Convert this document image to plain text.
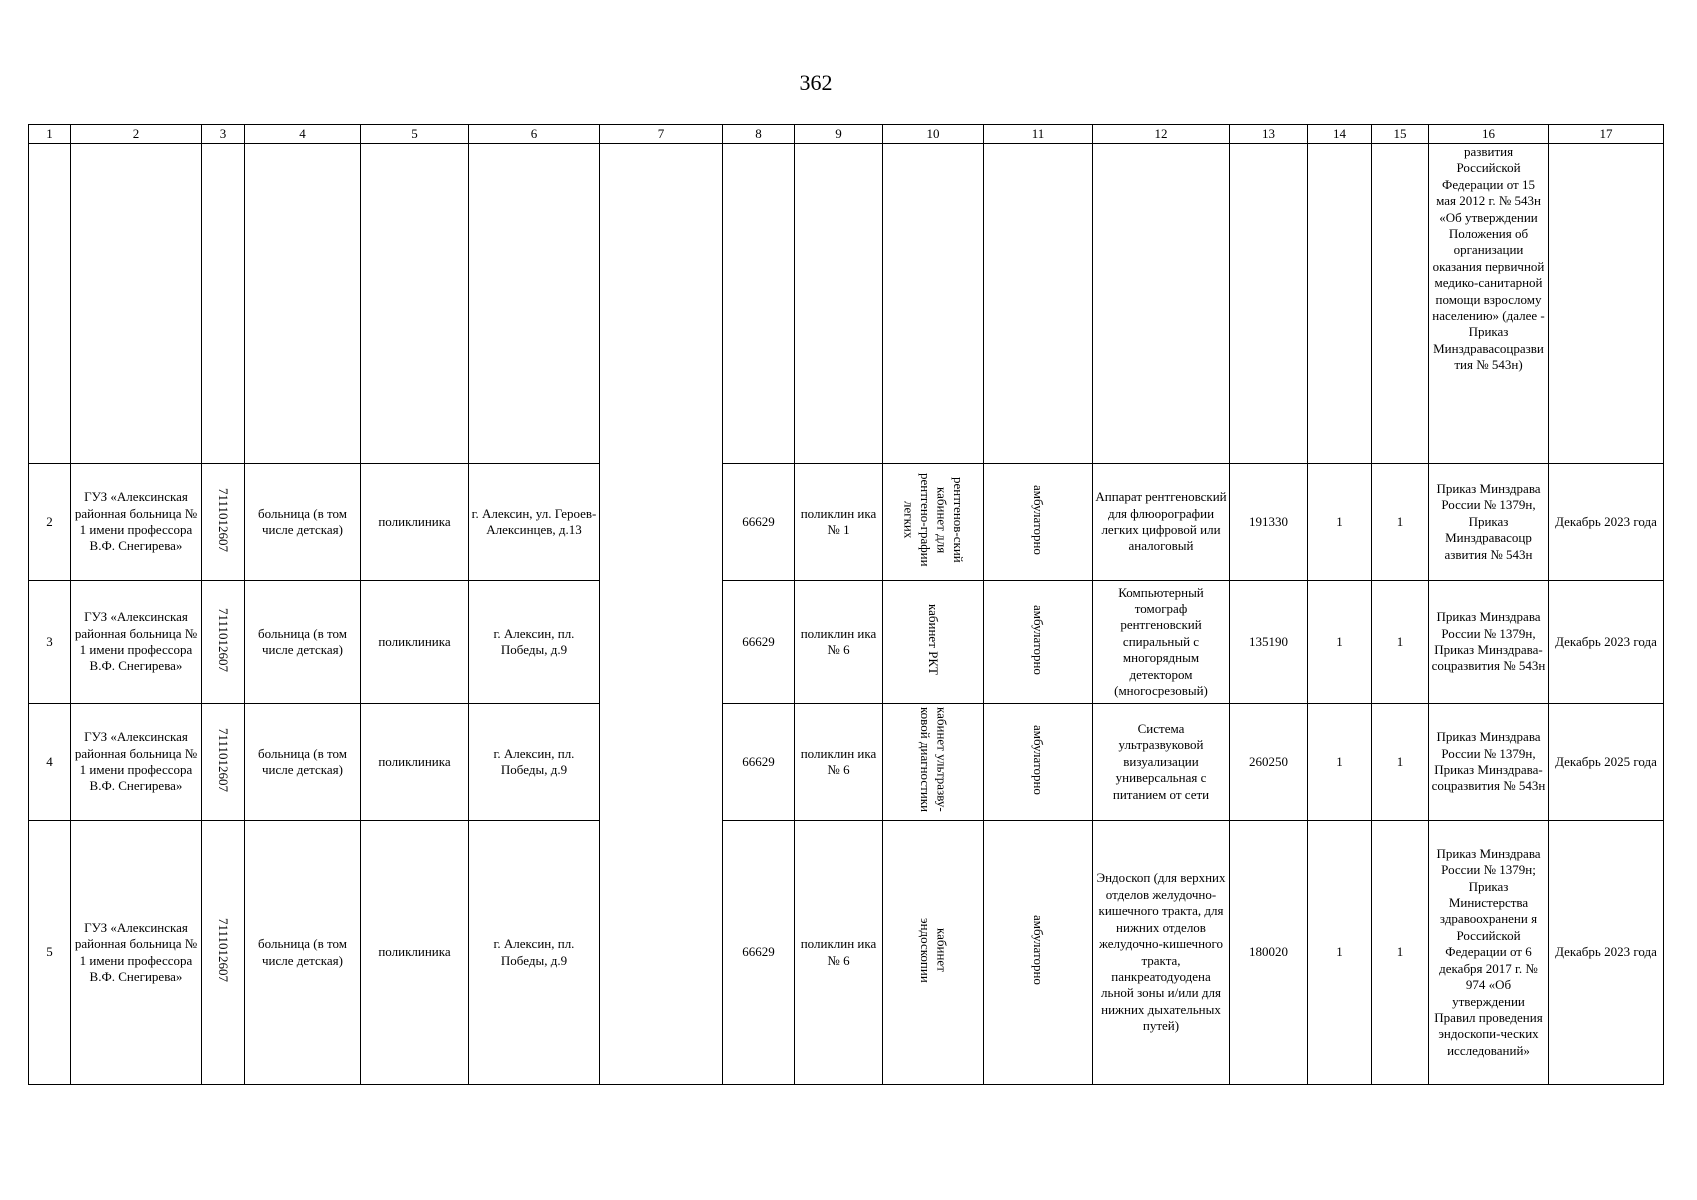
362
1	2	3	4	5	6	7	8	9	10	11	12	13	14	15	16	17
															развития Российской Федерации от 15 мая 2012 г. № 543н «Об утверждении Положения об организации оказания первичной медико-санитарной помощи взрослому населению» (далее - Приказ Минздравасоцразвития № 543н)	
2	ГУЗ «Алексинская районная больница № 1 имени профессора В.Ф. Снегирева»	7111012607	больница (в том числе детская)	поликлиника	г. Алексин, ул. Героев-Алексинцев, д.13		66629	поликлин ика № 1	рентгенов-ский кабинет для рентгено-графии легких	амбулаторно	Аппарат рентгеновский для флюорографии легких цифровой или аналоговый	191330	1	1	Приказ Минздрава России № 1379н, Приказ Минздравасоцр азвития № 543н	Декабрь 2023 года
3	ГУЗ «Алексинская районная больница № 1 имени профессора В.Ф. Снегирева»	7111012607	больница (в том числе детская)	поликлиника	г. Алексин, пл. Победы, д.9		66629	поликлин ика № 6	кабинет РКТ	амбулаторно	Компьютерный томограф рентгеновский спиральный с многорядным детектором (многосрезовый)	135190	1	1	Приказ Минздрава России № 1379н, Приказ Минздрава-соцразвития № 543н	Декабрь 2023 года
4	ГУЗ «Алексинская районная больница № 1 имени профессора В.Ф. Снегирева»	7111012607	больница (в том числе детская)	поликлиника	г. Алексин, пл. Победы, д.9		66629	поликлин ика № 6	кабинет ультразву-ковой диагностики	амбулаторно	Система ультразвуковой визуализации универсальная с питанием от сети	260250	1	1	Приказ Минздрава России № 1379н, Приказ Минздрава-соцразвития № 543н	Декабрь 2025 года
5	ГУЗ «Алексинская районная больница № 1 имени профессора В.Ф. Снегирева»	7111012607	больница (в том числе детская)	поликлиника	г. Алексин, пл. Победы, д.9		66629	поликлин ика № 6	кабинет эндоскопии	амбулаторно	Эндоскоп (для верхних отделов желудочно-кишечного тракта, для нижних отделов желудочно-кишечного тракта, панкреатодуодена льной зоны и/или для нижних дыхательных путей)	180020	1	1	Приказ Минздрава России № 1379н; Приказ Министерства здравоохранени я Российской Федерации от 6 декабря 2017 г. № 974 «Об утверждении Правил проведения эндоскопи-ческих исследований»	Декабрь 2023 года
